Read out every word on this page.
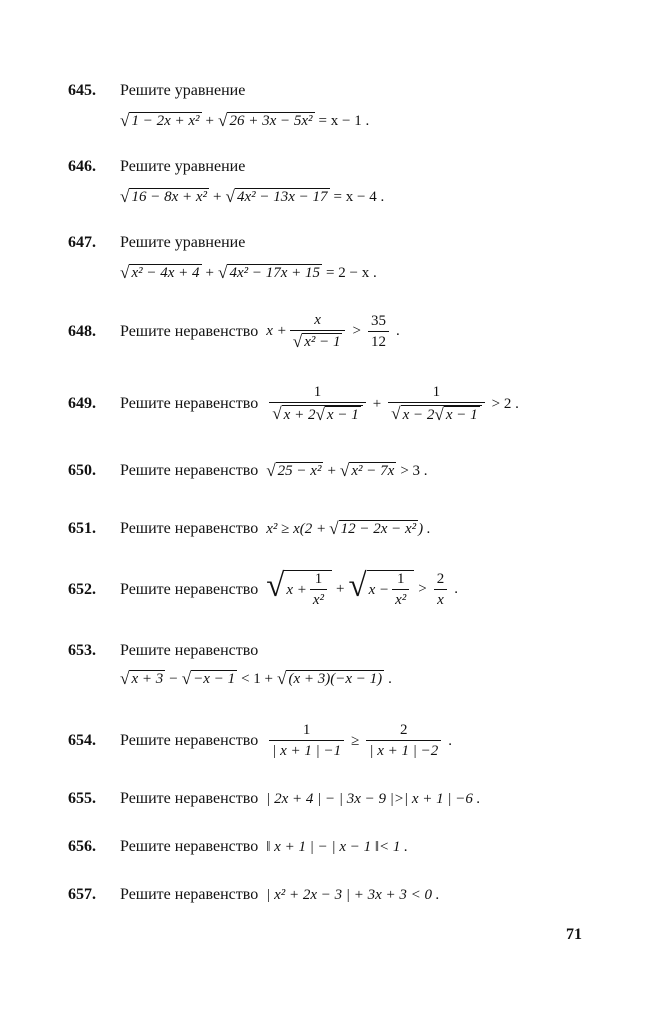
645.	Решите уравнение
√ 1 − 2x + x² + √ 26 + 3x − 5x² = x − 1 .
646.	Решите уравнение
√ 16 − 8x + x² + √ 4x² − 13x − 17 = x − 4 .
647.	Решите уравнение
√ x² − 4x + 4 + √ 4x² − 17x + 15 = 2 − x .
648.	Решите неравенство $x + \frac{x}{\text{√ x² − 1}} > \frac{35}{12}$ .
649.	Решите неравенство $\frac{1}{√ x + 2 √ x - 1} + \frac{1}{√ x - 2 √ x - 1} > 2$ .
650.	Решите неравенство √ 25 − x² + √ x² − 7x > 3 .
651.	Решите неравенство x² ≥ x(2 + √ 12 − 2x − x² ) .
652.	Решите неравенство √ $x + \frac{1}{\text{x²}}$ + √ $x - \frac{1}{\text{x²}} > \frac{2}{x}$ .
653.	Решите неравенство
√ x + 3 − √ −x − 1 < 1 + √ (x + 3)(−x − 1) .
654.	Решите неравенство $\frac{1}{| x + 1 | -1} \ge \frac{2}{| x + 1 | -2}$ .
655.	Решите неравенство | 2x + 4 | − | 3x − 9 |>| x + 1 | −6 .
656.	Решите неравенство ‖ x + 1 | − | x − 1 ‖< 1 .
657.	Решите неравенство | x² + 2x − 3 | + 3x + 3 < 0 .
71
